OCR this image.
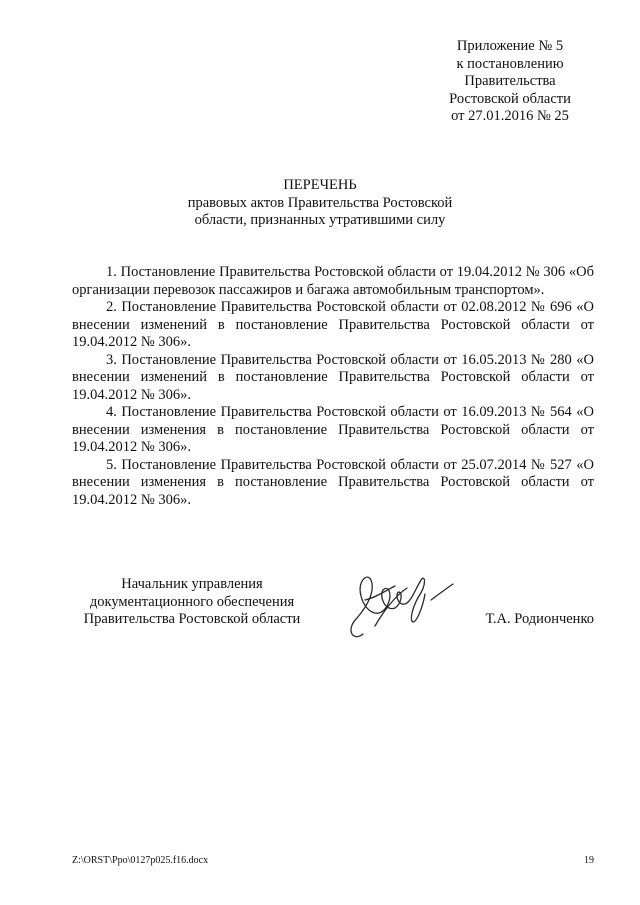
Приложение № 5
к постановлению
Правительства
Ростовской области
от 27.01.2016 № 25
ПЕРЕЧЕНЬ
правовых актов Правительства Ростовской
области, признанных утратившими силу

1. Постановление Правительства Ростовской области от 19.04.2012 № 306 «Об организации перевозок пассажиров и багажа автомобильным транспортом».

2. Постановление Правительства Ростовской области от 02.08.2012 № 696 «О внесении изменений в постановление Правительства Ростовской области от 19.04.2012 № 306».

3. Постановление Правительства Ростовской области от 16.05.2013 № 280 «О внесении изменений в постановление Правительства Ростовской области от 19.04.2012 № 306».

4. Постановление Правительства Ростовской области от 16.09.2013 № 564 «О внесении изменения в постановление Правительства Ростовской области от 19.04.2012 № 306».

5. Постановление Правительства Ростовской области от 25.07.2014 № 527 «О внесении изменения в постановление Правительства Ростовской области от 19.04.2012 № 306».

Начальник управления
документационного обеспечения
Правительства Ростовской области	Т.А. Родионченко
Z:\ORST\Ppo\0127p025.f16.docx	19
